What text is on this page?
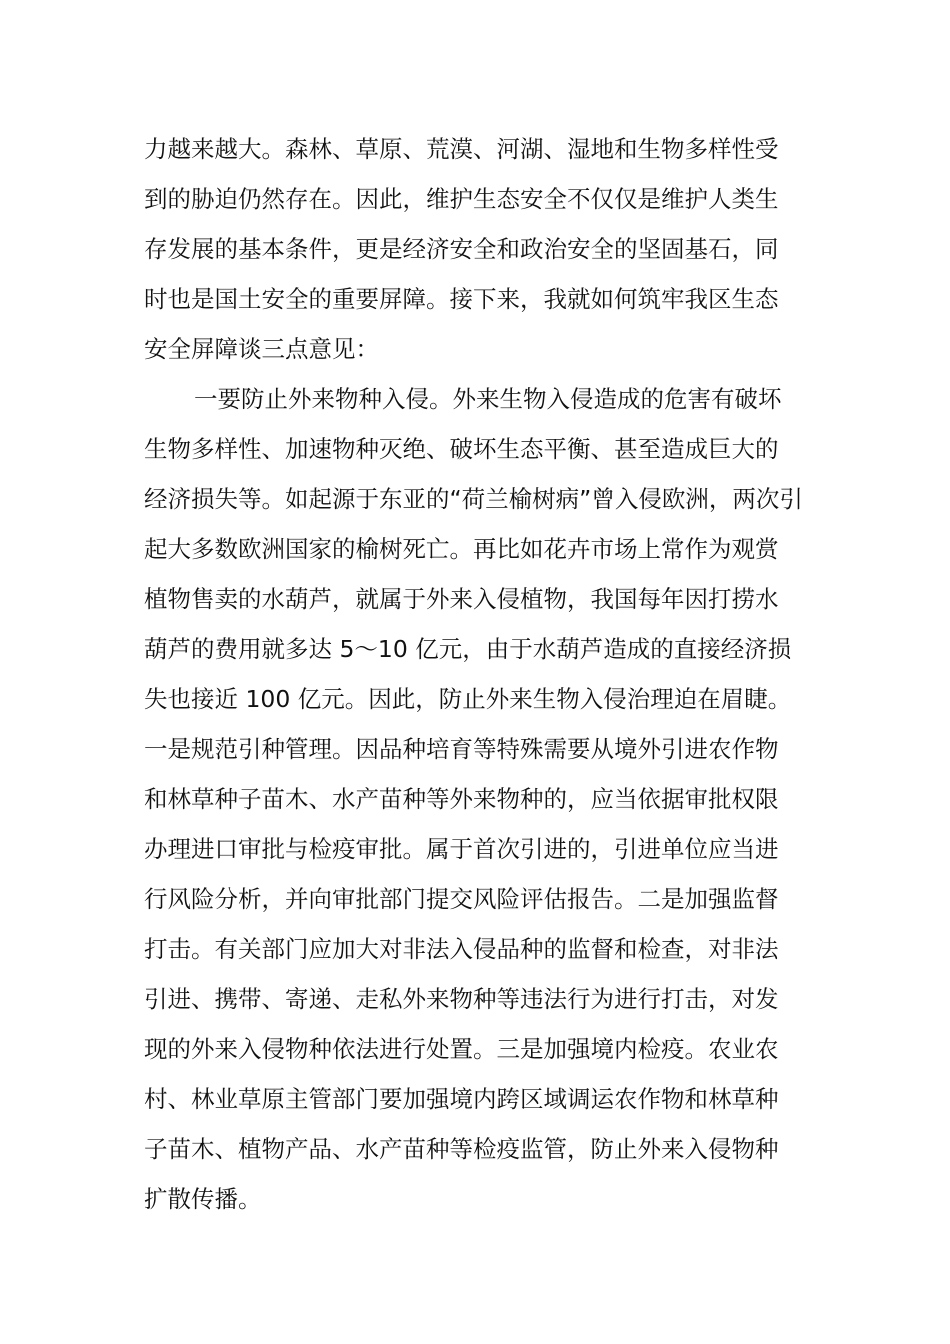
力越来越大。森林、草原、荒漠、河湖、湿地和生物多样性受
到的胁迫仍然存在。因此，维护生态安全不仅仅是维护人类生
存发展的基本条件，更是经济安全和政治安全的坚固基石，同
时也是国土安全的重要屏障。接下来，我就如何筑牢我区生态
安全屏障谈三点意见：
一要防止外来物种入侵。外来生物入侵造成的危害有破坏
生物多样性、加速物种灭绝、破坏生态平衡、甚至造成巨大的
经济损失等。如起源于东亚的“荷兰榆树病”曾入侵欧洲，两次引
起大多数欧洲国家的榆树死亡。再比如花卉市场上常作为观赏
植物售卖的水葫芦，就属于外来入侵植物，我国每年因打捞水
葫芦的费用就多达 5～10 亿元，由于水葫芦造成的直接经济损
失也接近 100 亿元。因此，防止外来生物入侵治理迫在眉睫。
一是规范引种管理。因品种培育等特殊需要从境外引进农作物
和林草种子苗木、水产苗种等外来物种的，应当依据审批权限
办理进口审批与检疫审批。属于首次引进的，引进单位应当进
行风险分析，并向审批部门提交风险评估报告。二是加强监督
打击。有关部门应加大对非法入侵品种的监督和检查，对非法
引进、携带、寄递、走私外来物种等违法行为进行打击，对发
现的外来入侵物种依法进行处置。三是加强境内检疫。农业农
村、林业草原主管部门要加强境内跨区域调运农作物和林草种
子苗木、植物产品、水产苗种等检疫监管，防止外来入侵物种
扩散传播。
